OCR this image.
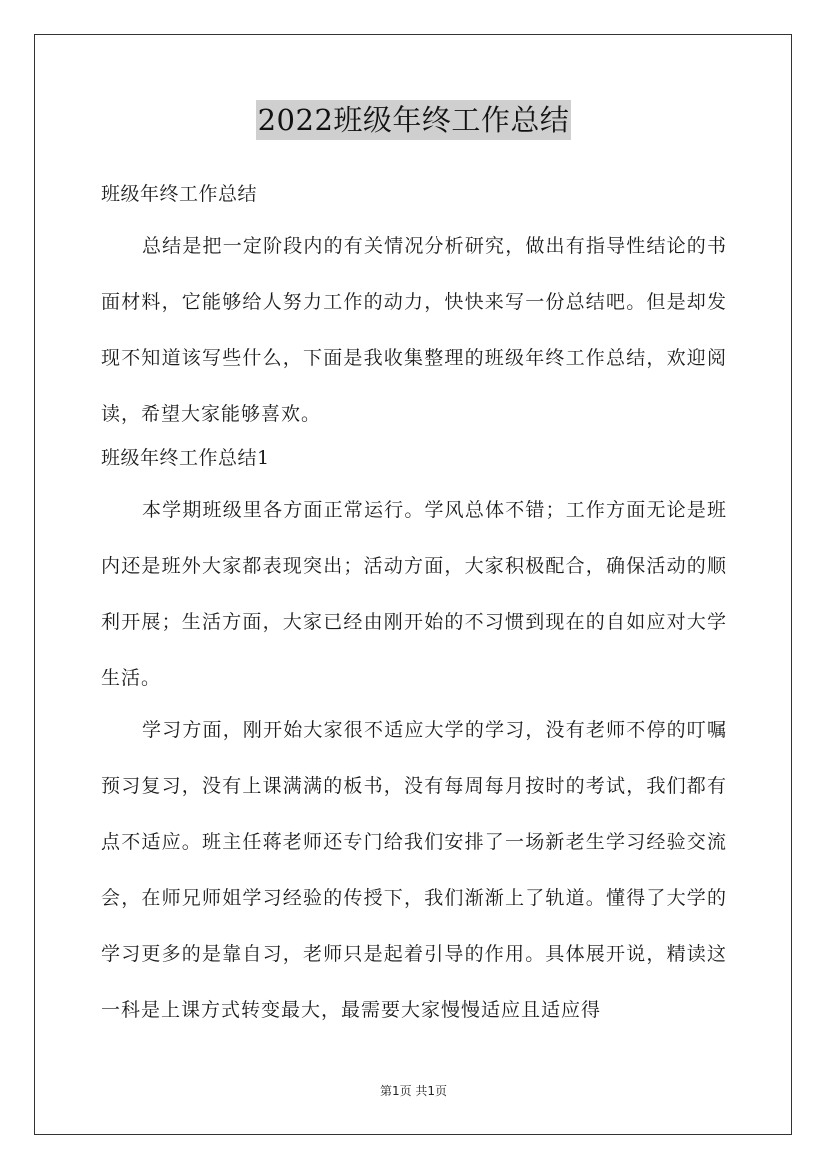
2022班级年终工作总结
班级年终工作总结

总结是把一定阶段内的有关情况分析研究，做出有指导性结论的书面材料，它能够给人努力工作的动力，快快来写一份总结吧。但是却发现不知道该写些什么，下面是我收集整理的班级年终工作总结，欢迎阅读，希望大家能够喜欢。

班级年终工作总结1

本学期班级里各方面正常运行。学风总体不错；工作方面无论是班内还是班外大家都表现突出；活动方面，大家积极配合，确保活动的顺利开展；生活方面，大家已经由刚开始的不习惯到现在的自如应对大学生活。

学习方面，刚开始大家很不适应大学的学习，没有老师不停的叮嘱预习复习，没有上课满满的板书，没有每周每月按时的考试，我们都有点不适应。班主任蒋老师还专门给我们安排了一场新老生学习经验交流会，在师兄师姐学习经验的传授下，我们渐渐上了轨道。懂得了大学的学习更多的是靠自习，老师只是起着引导的作用。具体展开说，精读这一科是上课方式转变最大，最需要大家慢慢适应且适应得

第1页 共1页
